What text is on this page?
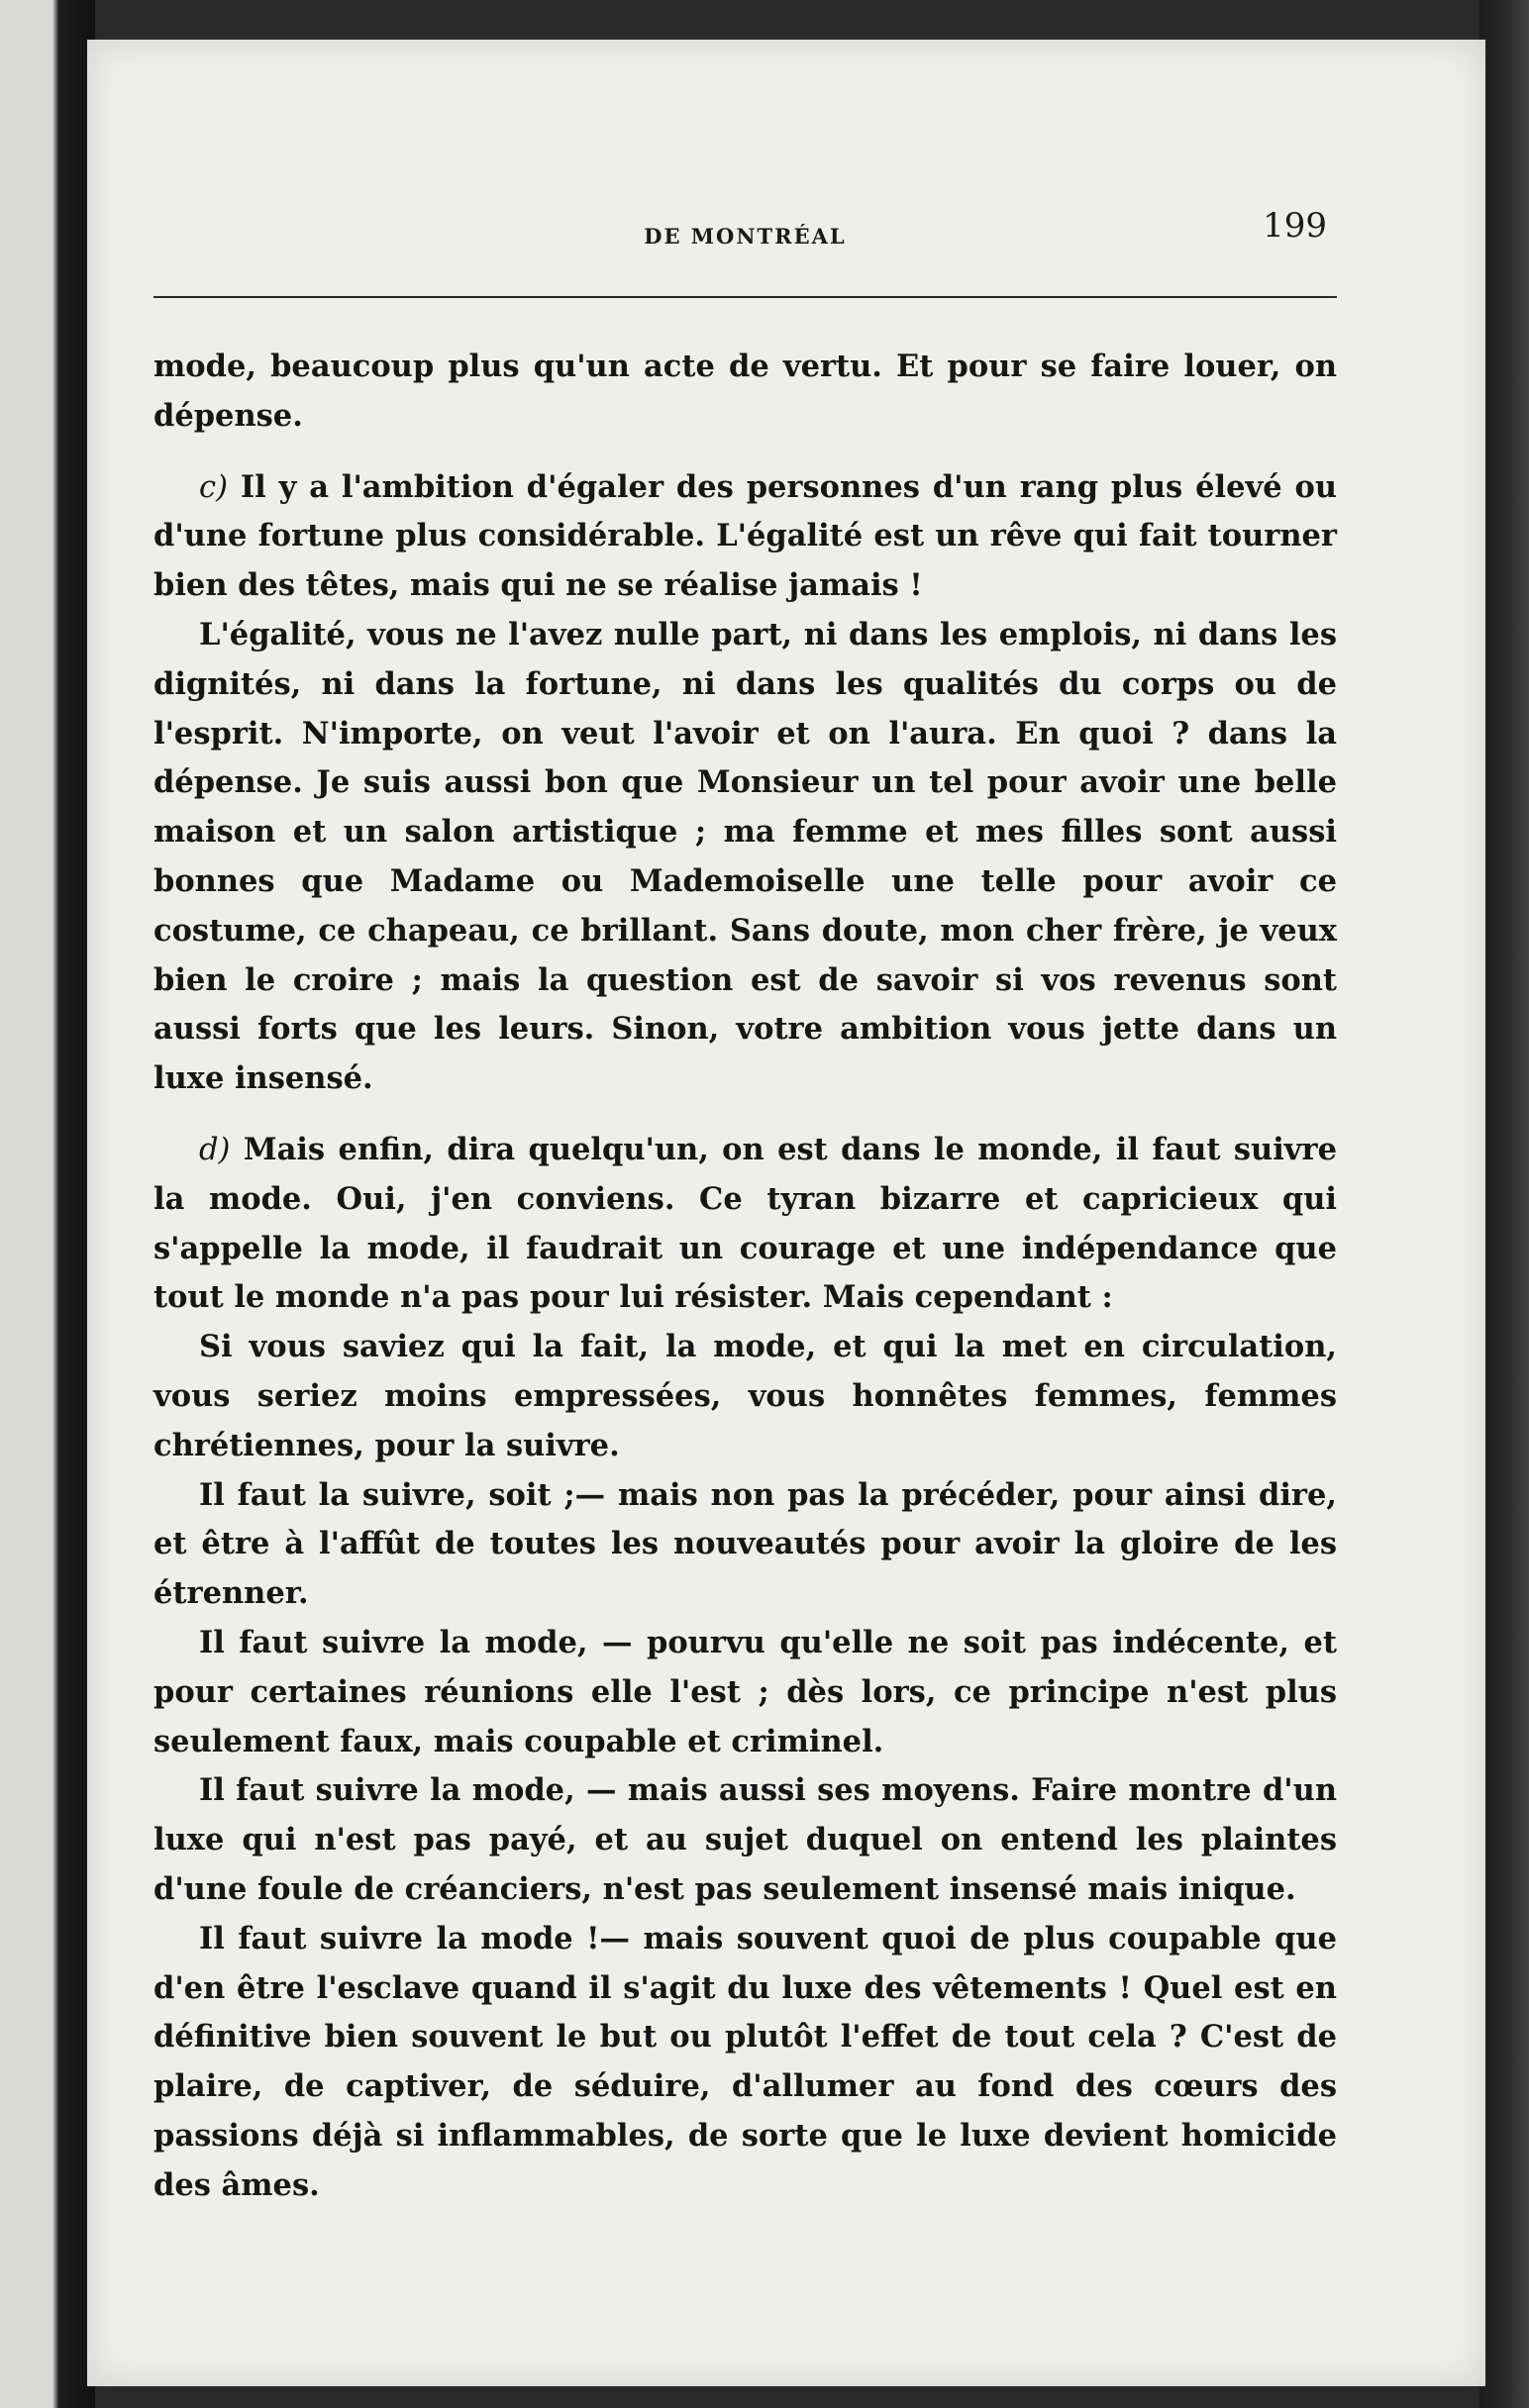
DE MONTRÉAL	199

mode, beaucoup plus qu'un acte de vertu. Et pour se faire louer, on dépense.

c) Il y a l'ambition d'égaler des personnes d'un rang plus élevé ou d'une fortune plus considérable. L'égalité est un rêve qui fait tourner bien des têtes, mais qui ne se réalise jamais !

L'égalité, vous ne l'avez nulle part, ni dans les emplois, ni dans les dignités, ni dans la fortune, ni dans les qualités du corps ou de l'esprit. N'importe, on veut l'avoir et on l'aura. En quoi ? dans la dépense. Je suis aussi bon que Monsieur un tel pour avoir une belle maison et un salon artistique ; ma femme et mes filles sont aussi bonnes que Madame ou Mademoiselle une telle pour avoir ce costume, ce chapeau, ce brillant. Sans doute, mon cher frère, je veux bien le croire ; mais la question est de savoir si vos revenus sont aussi forts que les leurs. Sinon, votre ambition vous jette dans un luxe insensé.

d) Mais enfin, dira quelqu'un, on est dans le monde, il faut suivre la mode. Oui, j'en conviens. Ce tyran bizarre et capricieux qui s'appelle la mode, il faudrait un courage et une indépendance que tout le monde n'a pas pour lui résister. Mais cependant :

Si vous saviez qui la fait, la mode, et qui la met en circulation, vous seriez moins empressées, vous honnêtes femmes, femmes chrétiennes, pour la suivre.

Il faut la suivre, soit ;— mais non pas la précéder, pour ainsi dire, et être à l'affût de toutes les nouveautés pour avoir la gloire de les étrenner.

Il faut suivre la mode, — pourvu qu'elle ne soit pas indécente, et pour certaines réunions elle l'est ; dès lors, ce principe n'est plus seulement faux, mais coupable et criminel.

Il faut suivre la mode, — mais aussi ses moyens. Faire montre d'un luxe qui n'est pas payé, et au sujet duquel on entend les plaintes d'une foule de créanciers, n'est pas seulement insensé mais inique.

Il faut suivre la mode !— mais souvent quoi de plus coupable que d'en être l'esclave quand il s'agit du luxe des vêtements ! Quel est en définitive bien souvent le but ou plutôt l'effet de tout cela ? C'est de plaire, de captiver, de séduire, d'allumer au fond des cœurs des passions déjà si inflammables, de sorte que le luxe devient homicide des âmes.
